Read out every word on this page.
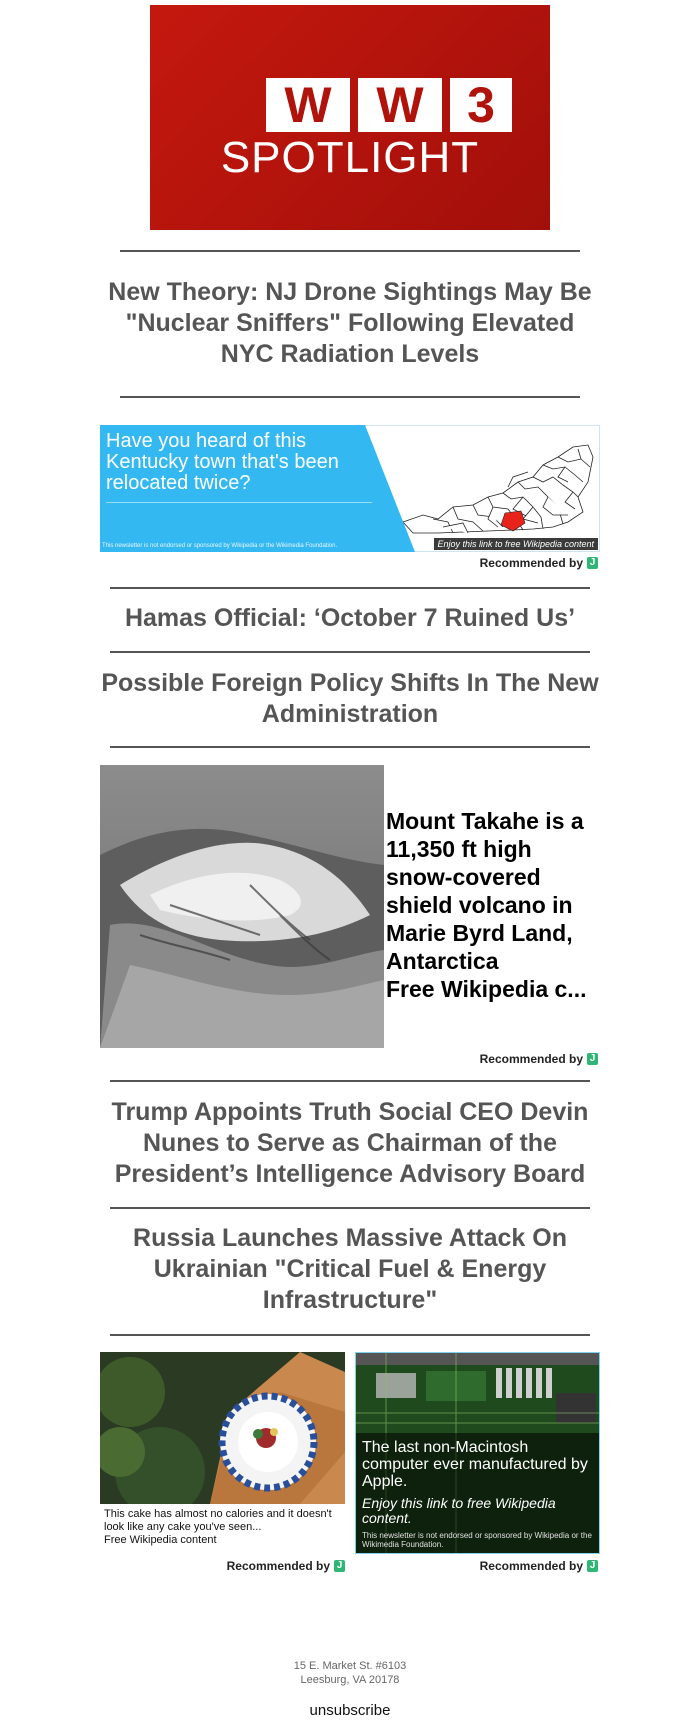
W W 3
SPOTLIGHT
New Theory: NJ Drone Sightings May Be "Nuclear Sniffers" Following Elevated NYC Radiation Levels
Have you heard of this Kentucky town that's been relocated twice?
This newsletter is not endorsed or sponsored by Wikipedia or the Wikimedia Foundation.	Enjoy this link to free Wikipedia content
Recommended by J
Hamas Official: ‘October 7 Ruined Us’
Possible Foreign Policy Shifts In The New Administration
Mount Takahe is a 11,350 ft high snow-covered shield volcano in Marie Byrd Land, Antarctica
Free Wikipedia c...
Recommended by J
Trump Appoints Truth Social CEO Devin Nunes to Serve as Chairman of the President’s Intelligence Advisory Board
Russia Launches Massive Attack On Ukrainian "Critical Fuel & Energy Infrastructure"
This cake has almost no calories and it doesn't look like any cake you've seen...
Free Wikipedia content
Recommended by J
The last non-Macintosh computer ever manufactured by Apple.
Enjoy this link to free Wikipedia content.
This newsletter is not endorsed or sponsored by Wikipedia or the Wikimedia Foundation.
Recommended by J
15 E. Market St. #6103
Leesburg, VA 20178
unsubscribe
